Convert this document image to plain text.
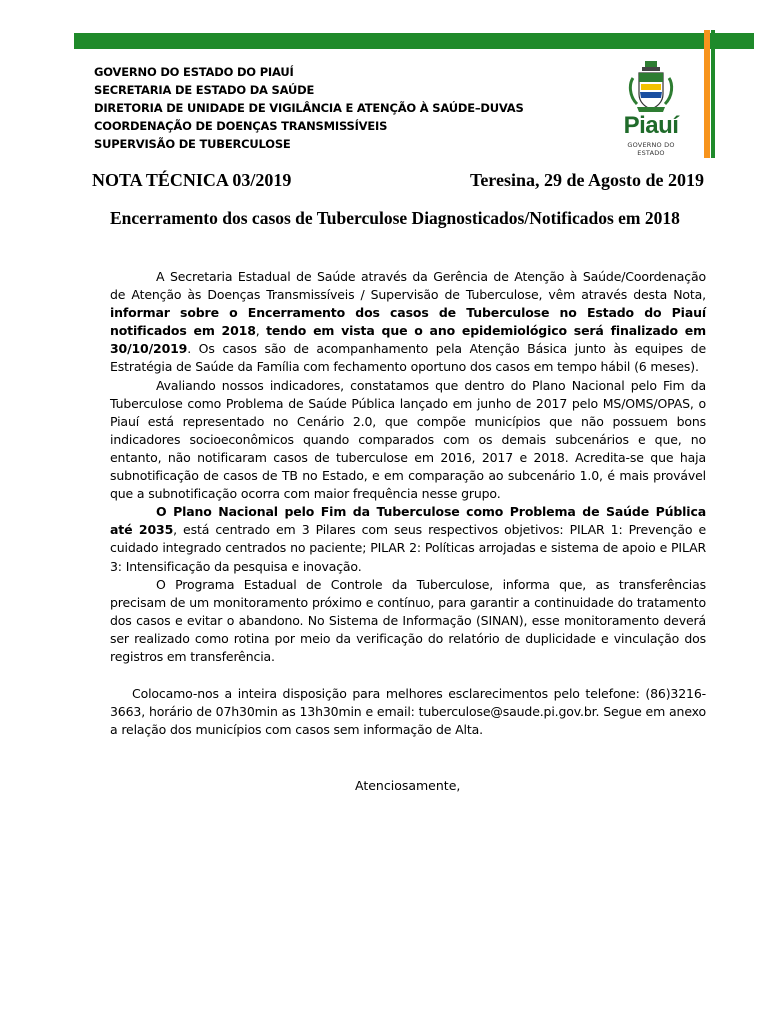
GOVERNO DO ESTADO DO PIAUÍ
SECRETARIA DE ESTADO DA SAÚDE
DIRETORIA DE UNIDADE DE VIGILÂNCIA E ATENÇÃO À SAÚDE–DUVAS
COORDENAÇÃO DE DOENÇAS TRANSMISSÍVEIS
SUPERVISÃO DE TUBERCULOSE
Piauí
GOVERNO DO ESTADO
NOTA TÉCNICA 03/2019	Teresina, 29 de Agosto de 2019
Encerramento dos casos de Tuberculose Diagnosticados/Notificados em 2018

A Secretaria Estadual de Saúde através da Gerência de Atenção à Saúde/Coordenação de Atenção às Doenças Transmissíveis / Supervisão de Tuberculose, vêm através desta Nota, informar sobre o Encerramento dos casos de Tuberculose no Estado do Piauí notificados em 2018, tendo em vista que o ano epidemiológico será finalizado em 30/10/2019. Os casos são de acompanhamento pela Atenção Básica junto às equipes de Estratégia de Saúde da Família com fechamento oportuno dos casos em tempo hábil (6 meses).

Avaliando nossos indicadores, constatamos que dentro do Plano Nacional pelo Fim da Tuberculose como Problema de Saúde Pública lançado em junho de 2017 pelo MS/OMS/OPAS, o Piauí está representado no Cenário 2.0, que compõe municípios que não possuem bons indicadores socioeconômicos quando comparados com os demais subcenários e que, no entanto, não notificaram casos de tuberculose em 2016, 2017 e 2018. Acredita-se que haja subnotificação de casos de TB no Estado, e em comparação ao subcenário 1.0, é mais provável que a subnotificação ocorra com maior frequência nesse grupo.

O Plano Nacional pelo Fim da Tuberculose como Problema de Saúde Pública até 2035, está centrado em 3 Pilares com seus respectivos objetivos: PILAR 1: Prevenção e cuidado integrado centrados no paciente; PILAR 2: Políticas arrojadas e sistema de apoio e PILAR 3: Intensificação da pesquisa e inovação.

O Programa Estadual de Controle da Tuberculose, informa que, as transferências precisam de um monitoramento próximo e contínuo, para garantir a continuidade do tratamento dos casos e evitar o abandono. No Sistema de Informação (SINAN), esse monitoramento deverá ser realizado como rotina por meio da verificação do relatório de duplicidade e vinculação dos registros em transferência.

Colocamo-nos a inteira disposição para melhores esclarecimentos pelo telefone: (86)3216-3663, horário de 07h30min as 13h30min e email: tuberculose@saude.pi.gov.br. Segue em anexo a relação dos municípios com casos sem informação de Alta.

Atenciosamente,
